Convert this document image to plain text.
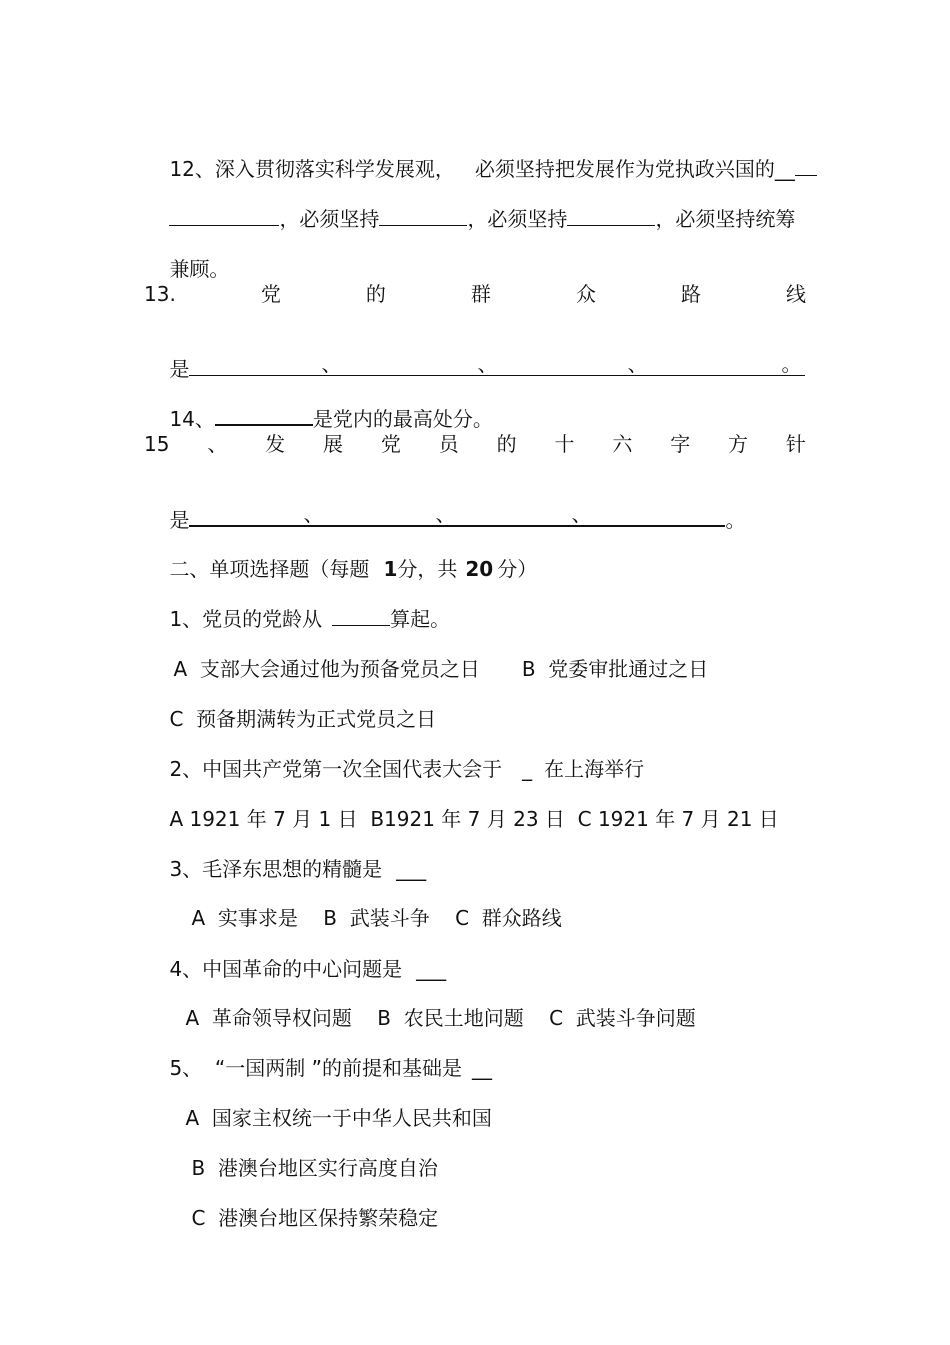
12、深入贯彻落实科学发展观， 必须坚持把发展作为党执政兴国的__

，必须坚持	，必须坚持	，必须坚持统筹

兼顾。

13.	党	的	群	众	路	线

是	、	、	、	。

14、	是党内的最高处分。

15 、 发 展 党 员 的 十 六 字 方 针

是	、	、	、	。

二、单项选择题（每题 1分，共 20 分）

1、党员的党龄从	算起。

A  支部大会通过他为预备党员之日 B  党委审批通过之日

C  预备期满转为正式党员之日

2、中国共产党第一次全国代表大会于 _ 在上海举行

A 1921 年 7 月 1 日  B1921 年 7 月 23 日  C 1921 年 7 月 21 日

3、毛泽东思想的精髓是 ___

A  实事求是    B  武装斗争    C  群众路线

4、中国革命的中心问题是 ___

A  革命领导权问题    B  农民土地问题    C  武装斗争问题

5、  “一国两制 ”的前提和基础是 __

A  国家主权统一于中华人民共和国

B  港澳台地区实行高度自治

C  港澳台地区保持繁荣稳定
